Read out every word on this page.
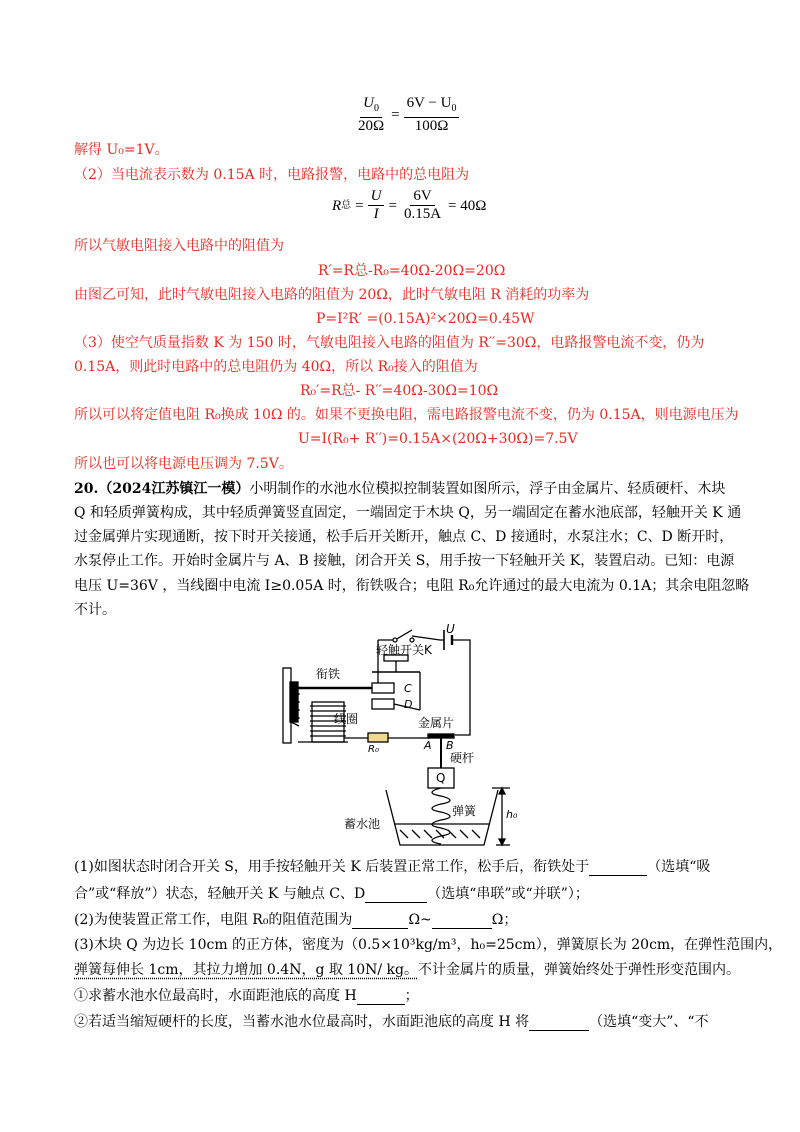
$\frac{U_0}{20\Omega} = \frac{6V - U_0}{100\Omega}$
解得 U₀=1V。
（2）当电流表示数为 0.15A 时，电路报警，电路中的总电阻为
R 总 = $\frac{U}{I} = \frac{6V}{0.15A} = 40\Omega$
所以气敏电阻接入电路中的阻值为
R′=R总-R₀=40Ω-20Ω=20Ω
由图乙可知，此时气敏电阻接入电路的阻值为 20Ω，此时气敏电阻 R 消耗的功率为
P=I²R′ =(0.15A)²×20Ω=0.45W
（3）使空气质量指数 K 为 150 时，气敏电阻接入电路的阻值为 R′′=30Ω，电路报警电流不变，仍为
0.15A，则此时电路中的总电阻仍为 40Ω，所以 R₀接入的阻值为
R₀′=R总- R′′=40Ω-30Ω=10Ω
所以可以将定值电阻 R₀换成 10Ω 的。如果不更换电阻，需电路报警电流不变，仍为 0.15A，则电源电压为
U=I(R₀+ R′′)=0.15A×(20Ω+30Ω)=7.5V
所以也可以将电源电压调为 7.5V。
20.（2024江苏镇江一模）小明制作的水池水位模拟控制装置如图所示，浮子由金属片、轻质硬杆、木块
Q 和轻质弹簧构成，其中轻质弹簧竖直固定，一端固定于木块 Q，另一端固定在蓄水池底部，轻触开关 K 通
过金属弹片实现通断，按下时开关接通，松手后开关断开，触点 C、D 接通时，水泵注水；C、D 断开时，
水泵停止工作。开始时金属片与 A、B 接触，闭合开关 S，用手按一下轻触开关 K，装置启动。已知：电源
电压 U=36V ，当线圈中电流 I≥0.05A 时，衔铁吸合；电阻 R₀允许通过的最大电流为 0.1A；其余电阻忽略
不计。
U
轻触开关K
衔铁
C
D
线圈	金属片
R₀	A B
硬杆
Q
弹簧	h₀
蓄水池
(1)如图状态时闭合开关 S，用手按轻触开关 K 后装置正常工作，松手后，衔铁处于	（选填“吸
合”或“释放”）状态，轻触开关 K 与触点 C、D	（选填“串联”或“并联”）；
(2)为使装置正常工作，电阻 R₀的阻值范围为	Ω~	Ω；
(3)木块 Q 为边长 10cm 的正方体，密度为（0.5×10³kg/m³，h₀=25cm），弹簧原长为 20cm，在弹性范围内，
弹簧每伸长 1cm，其拉力增加 0.4N，g 取 10N/ kg。不计金属片的质量，弹簧始终处于弹性形变范围内。
①求蓄水池水位最高时，水面距池底的高度 H	；
②若适当缩短硬杆的长度，当蓄水池水位最高时，水面距池底的高度 H 将	（选填“变大”、“不
